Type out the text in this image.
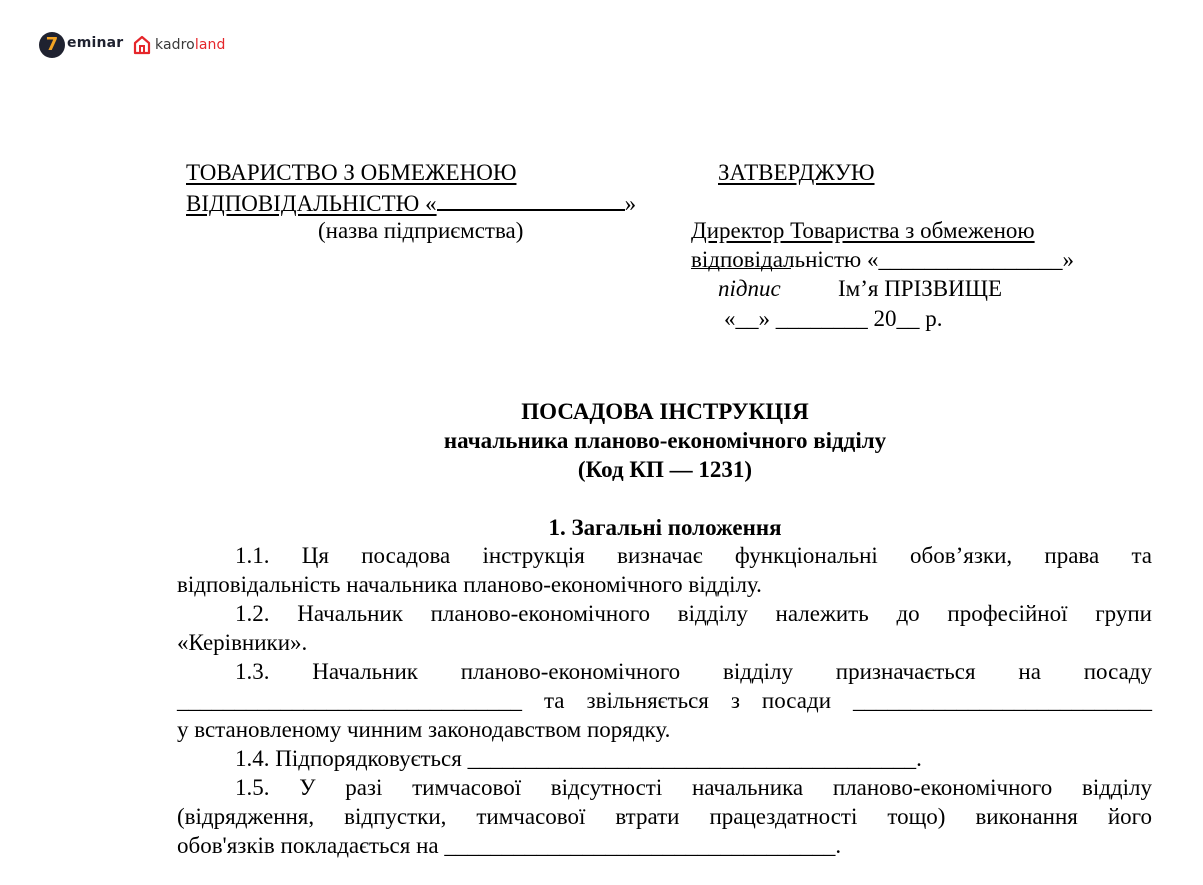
7 eminar kadroland
ТОВАРИСТВО З ОБМЕЖЕНОЮ
ВІДПОВІДАЛЬНІСТЮ «	»
(назва підприємства)
ЗАТВЕРДЖУЮ
Директор Товариства з обмеженою
відповідальністю «________________»
підпис Ім’я ПРІЗВИЩЕ
«__» ________ 20__ р.
ПОСАДОВА ІНСТРУКЦІЯ
начальника планово-економічного відділу
(Код КП — 1231)
1. Загальні положення
1.1. Ця посадова інструкція визначає функціональні обов’язки, права та
відповідальність начальника планово-економічного відділу.
1.2. Начальник планово-економічного відділу належить до професійної групи
«Керівники».
1.3. Начальник планово-економічного відділу призначається на посаду
______________________________ та звільняється з посади __________________________
у встановленому чинним законодавством порядку.
1.4. Підпорядковується _______________________________________.
1.5. У разі тимчасової відсутності начальника планово-економічного відділу
(відрядження, відпустки, тимчасової втрати працездатності тощо) виконання його
обов'язків покладається на __________________________________.
